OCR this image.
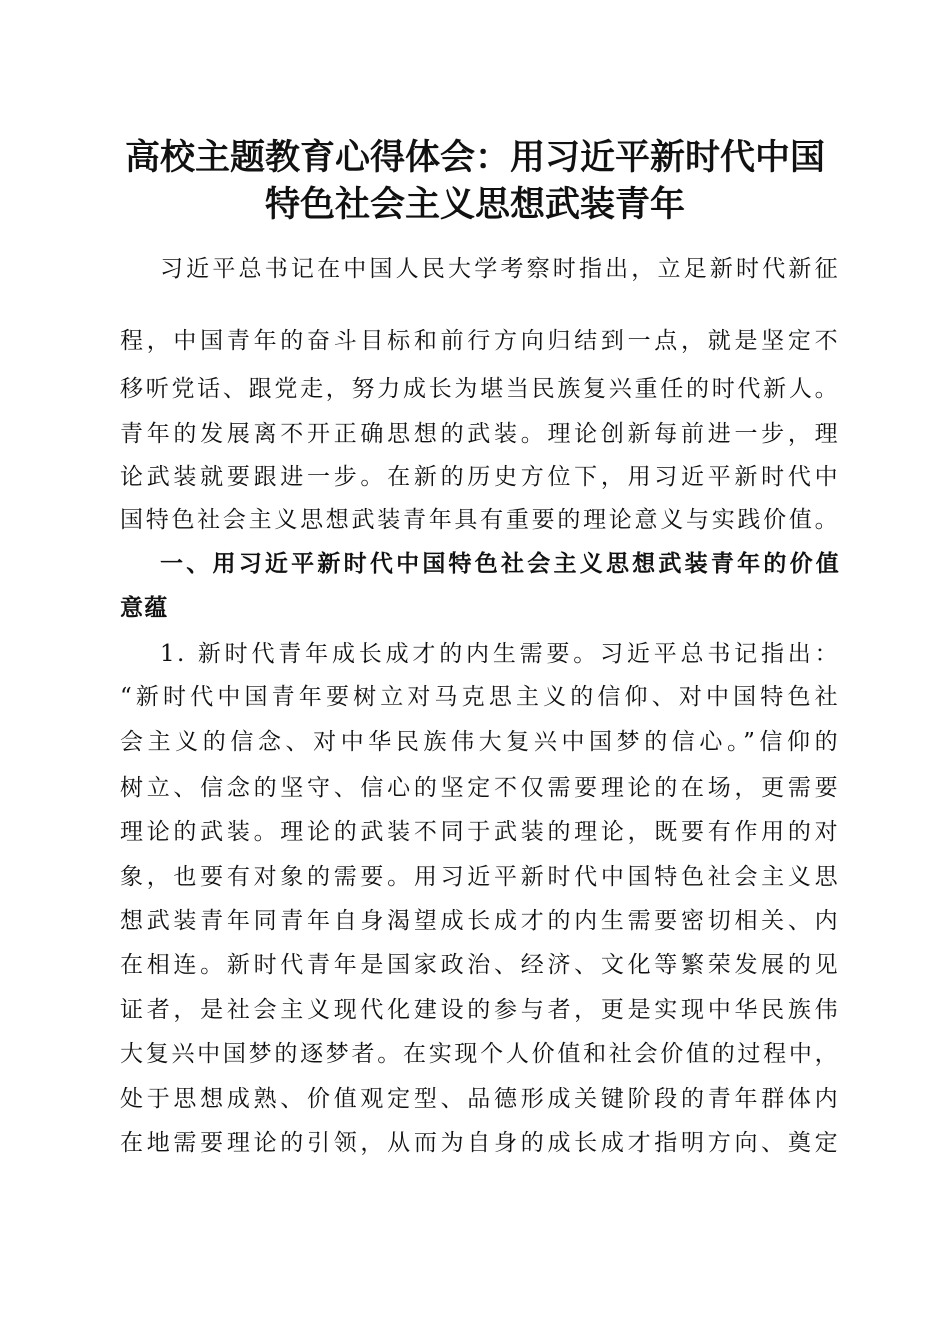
高校主题教育心得体会：用习近平新时代中国
特色社会主义思想武装青年
习近平总书记在中国人民大学考察时指出，立足新时代新征
程，中国青年的奋斗目标和前行方向归结到一点，就是坚定不
移听党话、跟党走，努力成长为堪当民族复兴重任的时代新人。
青年的发展离不开正确思想的武装。理论创新每前进一步，理
论武装就要跟进一步。在新的历史方位下，用习近平新时代中
国特色社会主义思想武装青年具有重要的理论意义与实践价值。
一、用习近平新时代中国特色社会主义思想武装青年的价值
意蕴
1. 新时代青年成长成才的内生需要。习近平总书记指出：
“新时代中国青年要树立对马克思主义的信仰、对中国特色社
会主义的信念、对中华民族伟大复兴中国梦的信心。”信仰的
树立、信念的坚守、信心的坚定不仅需要理论的在场，更需要
理论的武装。理论的武装不同于武装的理论，既要有作用的对
象，也要有对象的需要。用习近平新时代中国特色社会主义思
想武装青年同青年自身渴望成长成才的内生需要密切相关、内
在相连。新时代青年是国家政治、经济、文化等繁荣发展的见
证者，是社会主义现代化建设的参与者，更是实现中华民族伟
大复兴中国梦的逐梦者。在实现个人价值和社会价值的过程中，
处于思想成熟、价值观定型、品德形成关键阶段的青年群体内
在地需要理论的引领，从而为自身的成长成才指明方向、奠定
